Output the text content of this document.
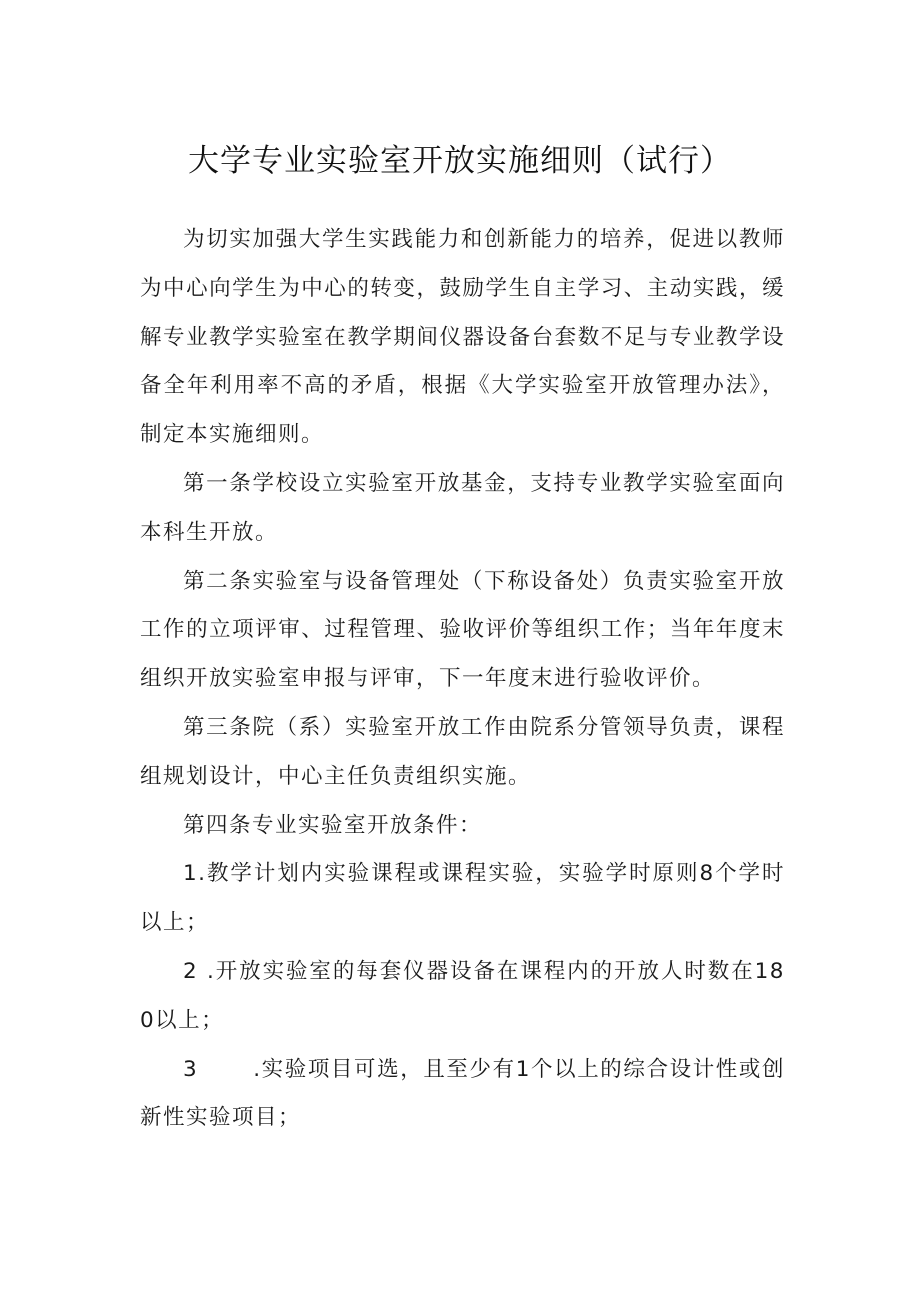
大学专业实验室开放实施细则（试行）

为切实加强大学生实践能力和创新能力的培养，促进以教师为中心向学生为中心的转变，鼓励学生自主学习、主动实践，缓解专业教学实验室在教学期间仪器设备台套数不足与专业教学设备全年利用率不高的矛盾，根据《大学实验室开放管理办法》，制定本实施细则。

第一条学校设立实验室开放基金，支持专业教学实验室面向本科生开放。

第二条实验室与设备管理处（下称设备处）负责实验室开放工作的立项评审、过程管理、验收评价等组织工作；当年年度末组织开放实验室申报与评审，下一年度末进行验收评价。

第三条院（系）实验室开放工作由院系分管领导负责，课程组规划设计，中心主任负责组织实施。

第四条专业实验室开放条件：

1.教学计划内实验课程或课程实验，实验学时原则8个学时以上；

2 .开放实验室的每套仪器设备在课程内的开放人时数在180以上；

3	.实验项目可选，且至少有1个以上的综合设计性或创新性实验项目；
